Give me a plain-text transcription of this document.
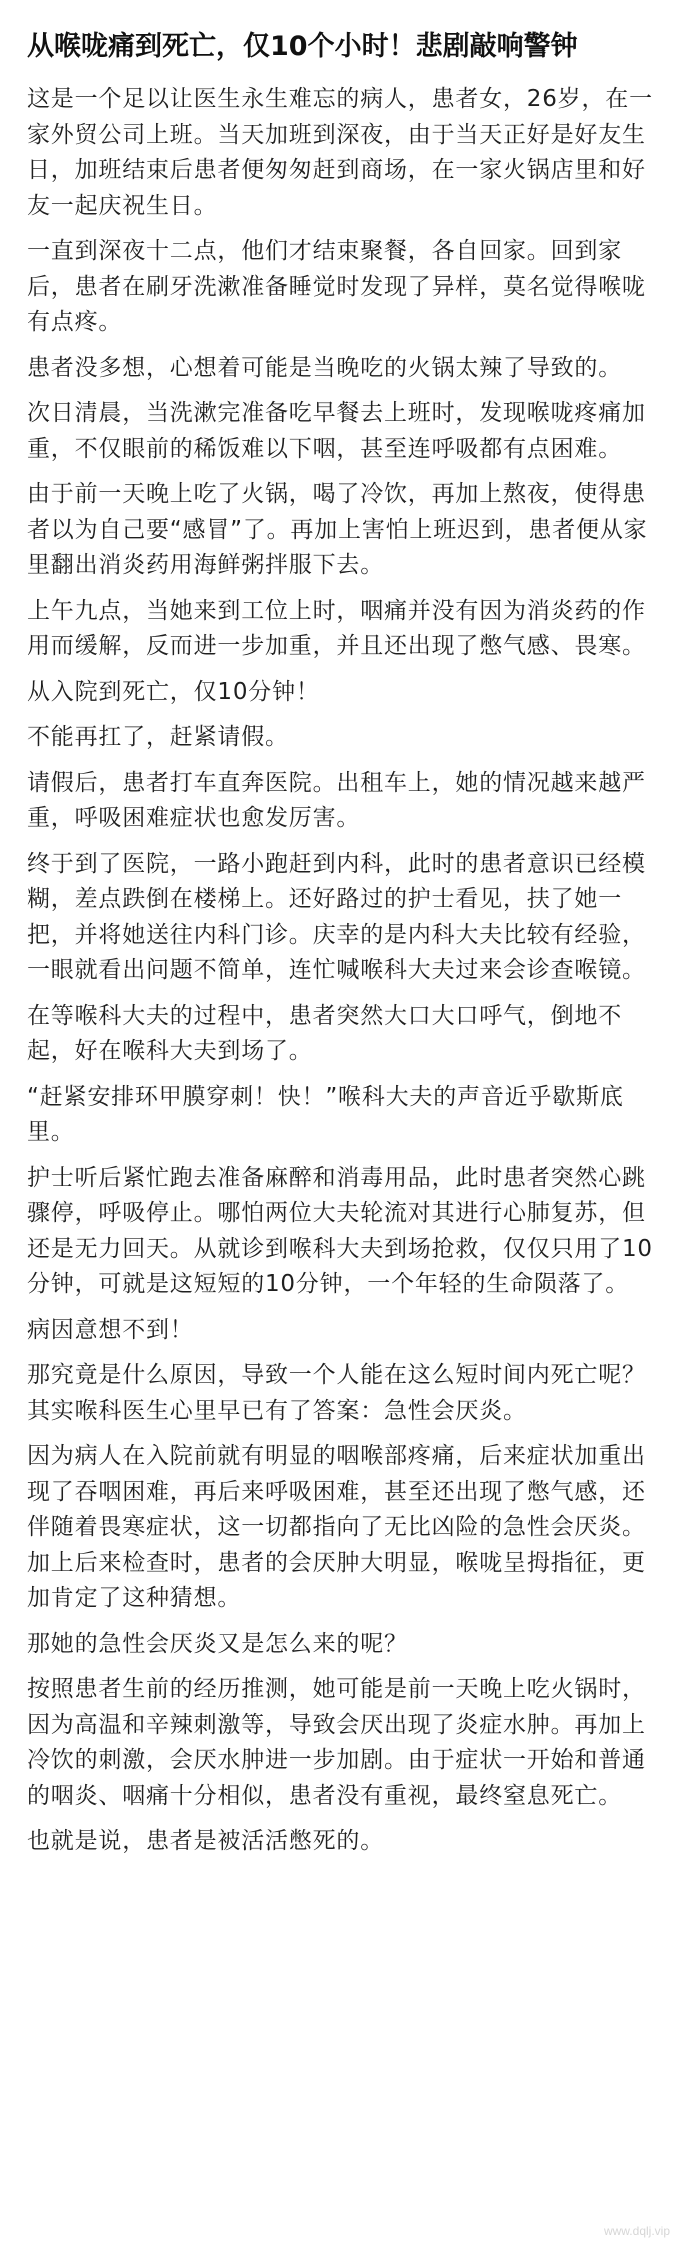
从喉咙痛到死亡，仅10个小时！悲剧敲响警钟

这是一个足以让医生永生难忘的病人，患者女，26岁，在一家外贸公司上班。当天加班到深夜，由于当天正好是好友生日，加班结束后患者便匆匆赶到商场，在一家火锅店里和好友一起庆祝生日。

一直到深夜十二点，他们才结束聚餐，各自回家。回到家后，患者在刷牙洗漱准备睡觉时发现了异样，莫名觉得喉咙有点疼。

患者没多想，心想着可能是当晚吃的火锅太辣了导致的。

次日清晨，当洗漱完准备吃早餐去上班时，发现喉咙疼痛加重，不仅眼前的稀饭难以下咽，甚至连呼吸都有点困难。

由于前一天晚上吃了火锅，喝了冷饮，再加上熬夜，使得患者以为自己要“感冒”了。再加上害怕上班迟到，患者便从家里翻出消炎药用海鲜粥拌服下去。

上午九点，当她来到工位上时，咽痛并没有因为消炎药的作用而缓解，反而进一步加重，并且还出现了憋气感、畏寒。

从入院到死亡，仅10分钟！

不能再扛了，赶紧请假。

请假后，患者打车直奔医院。出租车上，她的情况越来越严重，呼吸困难症状也愈发厉害。

终于到了医院，一路小跑赶到内科，此时的患者意识已经模糊，差点跌倒在楼梯上。还好路过的护士看见，扶了她一把，并将她送往内科门诊。庆幸的是内科大夫比较有经验，一眼就看出问题不简单，连忙喊喉科大夫过来会诊查喉镜。

在等喉科大夫的过程中，患者突然大口大口呼气，倒地不起，好在喉科大夫到场了。

“赶紧安排环甲膜穿刺！快！”喉科大夫的声音近乎歇斯底里。

护士听后紧忙跑去准备麻醉和消毒用品，此时患者突然心跳骤停，呼吸停止。哪怕两位大夫轮流对其进行心肺复苏，但还是无力回天。从就诊到喉科大夫到场抢救，仅仅只用了10分钟，可就是这短短的10分钟，一个年轻的生命陨落了。

病因意想不到！

那究竟是什么原因，导致一个人能在这么短时间内死亡呢？其实喉科医生心里早已有了答案：急性会厌炎。

因为病人在入院前就有明显的咽喉部疼痛，后来症状加重出现了吞咽困难，再后来呼吸困难，甚至还出现了憋气感，还伴随着畏寒症状，这一切都指向了无比凶险的急性会厌炎。加上后来检查时，患者的会厌肿大明显，喉咙呈拇指征，更加肯定了这种猜想。

那她的急性会厌炎又是怎么来的呢？

按照患者生前的经历推测，她可能是前一天晚上吃火锅时，因为高温和辛辣刺激等，导致会厌出现了炎症水肿。再加上冷饮的刺激，会厌水肿进一步加剧。由于症状一开始和普通的咽炎、咽痛十分相似，患者没有重视，最终窒息死亡。

也就是说，患者是被活活憋死的。

www.dqlj.vip
